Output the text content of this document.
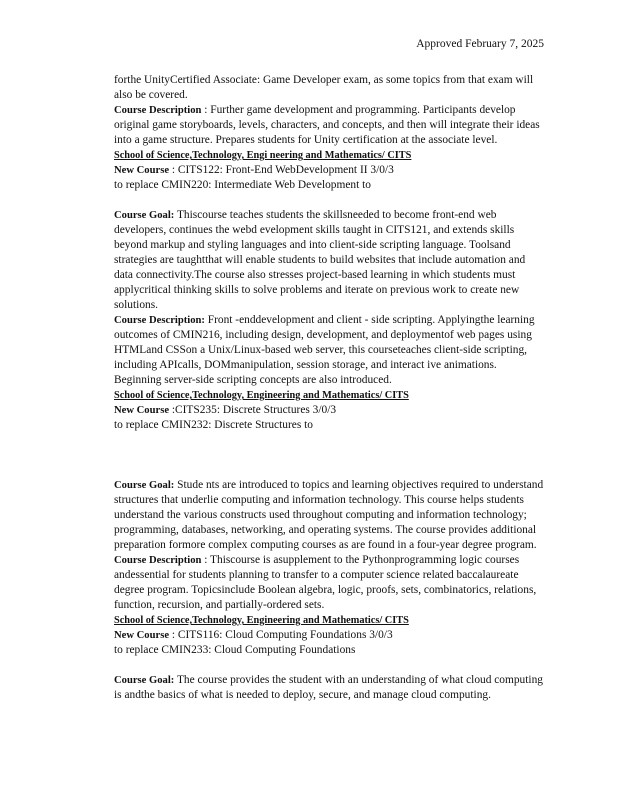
Approved February 7, 2025

forthe UnityCertified Associate: Game Developer exam, as some topics from that exam will also be covered.

Course Description : Further game development and programming. Participants develop original game storyboards, levels, characters, and concepts, and then will integrate their ideas into a game structure. Prepares students for Unity certification at the associate level.

School of Science,Technology, Engi neering and Mathematics/ CITS

New Course : CITS122: Front-End WebDevelopment II 3/0/3

to replace CMIN220: Intermediate Web Development to

Course Goal: Thiscourse teaches students the skillsneeded to become front-end web developers, continues the webd evelopment skills taught in CITS121, and extends skills beyond markup and styling languages and into client-side scripting language. Toolsand strategies are taughtthat will enable students to build websites that include automation and data connectivity.The course also stresses project-based learning in which students must applycritical thinking skills to solve problems and iterate on previous work to create new solutions.

Course Description: Front -enddevelopment and client - side scripting. Applyingthe learning outcomes of CMIN216, including design, development, and deploymentof web pages using HTMLand CSSon a Unix/Linux-based web server, this courseteaches client-side scripting, including APIcalls, DOMmanipulation, session storage, and interact ive animations. Beginning server-side scripting concepts are also introduced.

School of Science,Technology, Engineering and Mathematics/ CITS

New Course :CITS235: Discrete Structures 3/0/3

to replace CMIN232: Discrete Structures to

Course Goal: Stude nts are introduced to topics and learning objectives required to understand structures that underlie computing and information technology. This course helps students understand the various constructs used throughout computing and information technology; programming, databases, networking, and operating systems. The course provides additional preparation formore complex computing courses as are found in a four-year degree program.

Course Description : Thiscourse is asupplement to the Pythonprogramming logic courses andessential for students planning to transfer to a computer science related baccalaureate degree program. Topicsinclude Boolean algebra, logic, proofs, sets, combinatorics, relations, function, recursion, and partially-ordered sets.

School of Science,Technology, Engineering and Mathematics/ CITS

New Course : CITS116: Cloud Computing Foundations 3/0/3

to replace CMIN233: Cloud Computing Foundations

Course Goal: The course provides the student with an understanding of what cloud computing is andthe basics of what is needed to deploy, secure, and manage cloud computing.
